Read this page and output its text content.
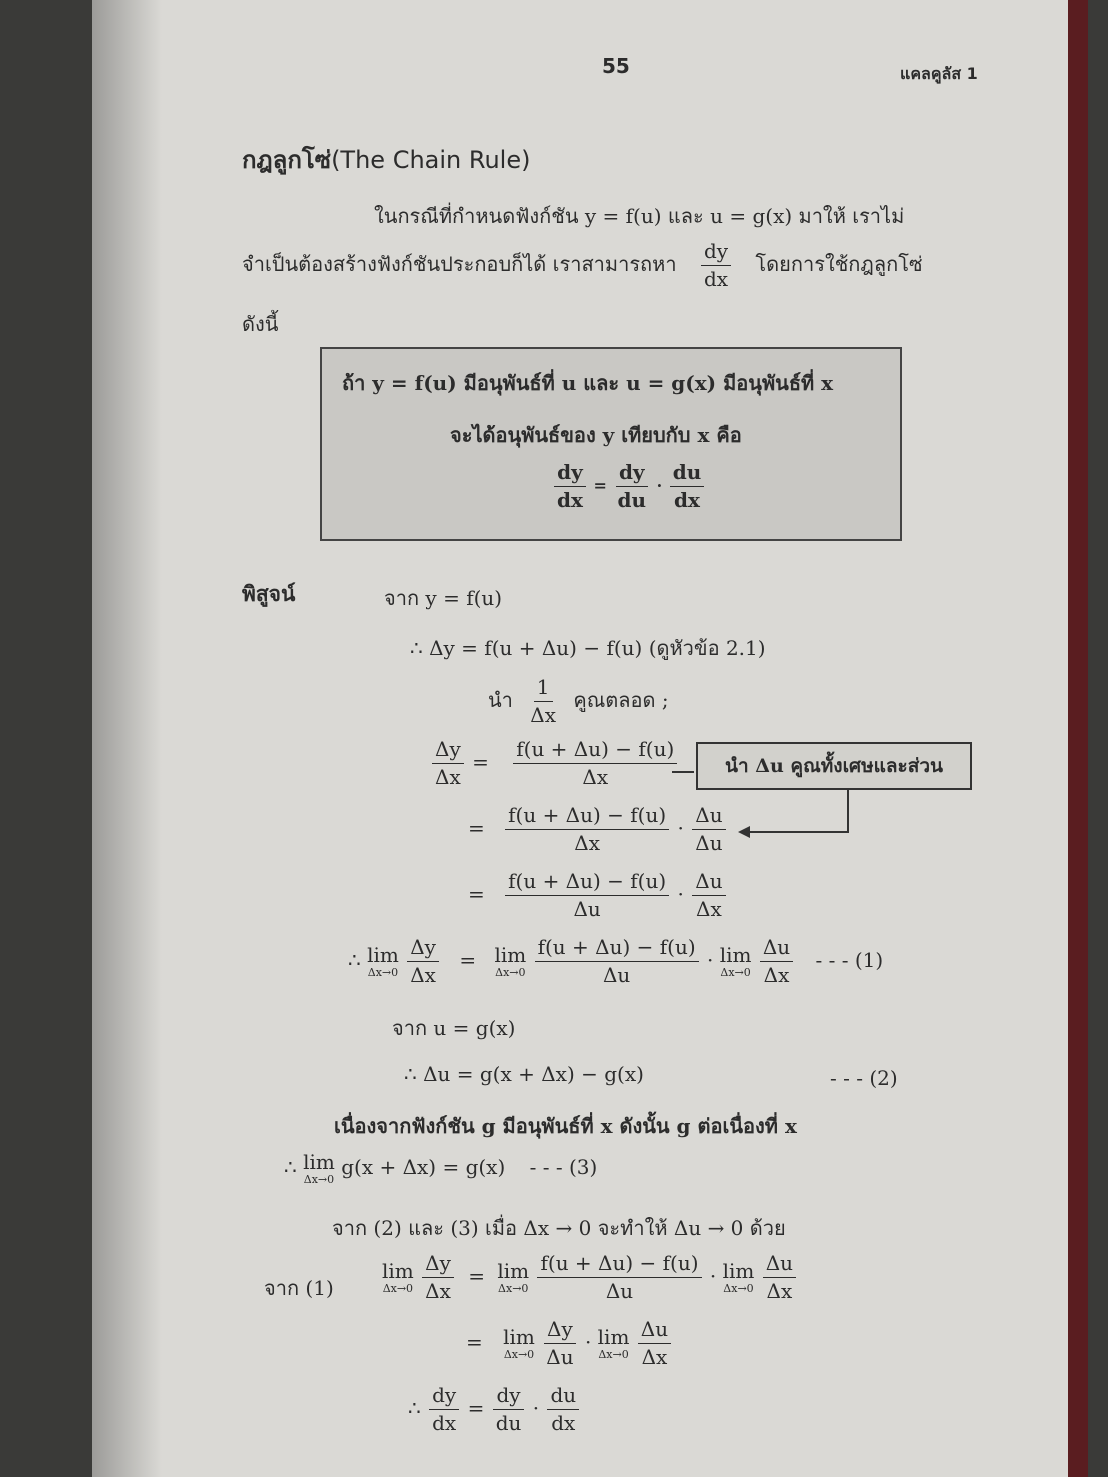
55	แคลคูลัส 1
กฎลูกโซ่(The Chain Rule)
ในกรณีที่กำหนดฟังก์ชัน y = f(u) และ u = g(x) มาให้ เราไม่
จำเป็นต้องสร้างฟังก์ชันประกอบก็ได้ เราสามารถหา $\frac{dy}{dx}$ โดยการใช้กฎลูกโซ่
ดังนี้
ถ้า y = f(u) มีอนุพันธ์ที่ u และ u = g(x) มีอนุพันธ์ที่ x
จะได้อนุพันธ์ของ y เทียบกับ x คือ
$\frac{dy}{dx} = \frac{dy}{du} \cdot \frac{du}{dx}$
พิสูจน์	จาก y = f(u)
∴ Δy = f(u + Δu) − f(u) (ดูหัวข้อ 2.1)
นำ $\frac{1}{\Delta x}$ คูณตลอด ;
$\frac{\Delta y}{\Delta x} = \frac{f(u + \Delta u) - f(u)}{\Delta x}$	นำ Δu คูณทั้งเศษและส่วน
= $\frac{f(u + \Delta u) - f(u)}{\Delta x} \cdot \frac{\Delta u}{\Delta u}$
= $\frac{f(u + \Delta u) - f(u)}{\Delta u} \cdot \frac{\Delta u}{\Delta x}$
∴ lim
Δx→0
$\frac{\Delta y}{\Delta x} = \lim$
Δx→0
$\frac{f(u + \Delta u) - f(u)}{\Delta u} \cdot \lim$
Δx→0
$\frac{\Delta u}{\Delta x}$ - - - (1)
จาก u = g(x)
∴ Δu = g(x + Δx) − g(x)	- - - (2)
เนื่องจากฟังก์ชัน g มีอนุพันธ์ที่ x ดังนั้น g ต่อเนื่องที่ x
∴ lim
Δx→0
g(x + Δx) = g(x) - - - (3)
จาก (2) และ (3) เมื่อ Δx → 0 จะทำให้ Δu → 0 ด้วย
จาก (1)
lim
Δx→0
$\frac{\Delta y}{\Delta x} = \lim$
Δx→0
$\frac{f(u + \Delta u) - f(u)}{\Delta u} \cdot \lim$
Δx→0
$\frac{\Delta u}{\Delta x}$
= lim
Δx→0
$\frac{\Delta y}{\Delta u} \cdot \lim$
Δx→0
$\frac{\Delta u}{\Delta x}$
∴ $\frac{dy}{dx} = \frac{dy}{du} \cdot \frac{du}{dx}$
